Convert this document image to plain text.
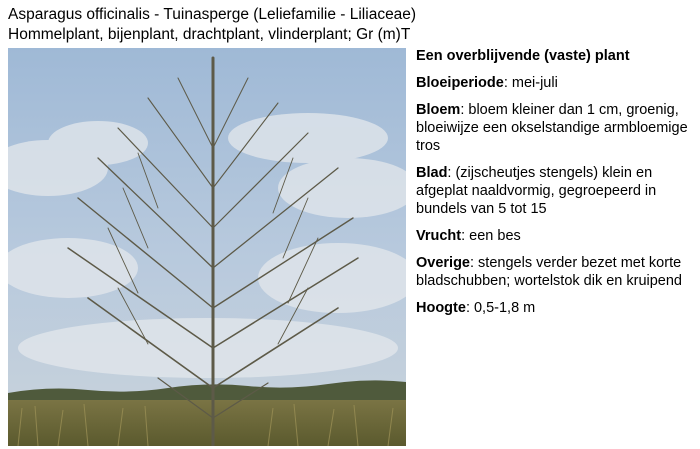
Asparagus officinalis - Tuinasperge (Leliefamilie - Liliaceae)
Hommelplant, bijenplant, drachtplant, vlinderplant; Gr (m)T

Een overblijvende (vaste) plant

Bloeiperiode: mei-juli

Bloem: bloem kleiner dan 1 cm, groenig, bloeiwijze een okselstandige armbloemige tros

Blad: (zijscheutjes stengels) klein en afgeplat naaldvormig, gegroepeerd in bundels van 5 tot 15

Vrucht: een bes

Overige: stengels verder bezet met korte bladschubben; wortelstok dik en kruipend

Hoogte: 0,5-1,8 m
